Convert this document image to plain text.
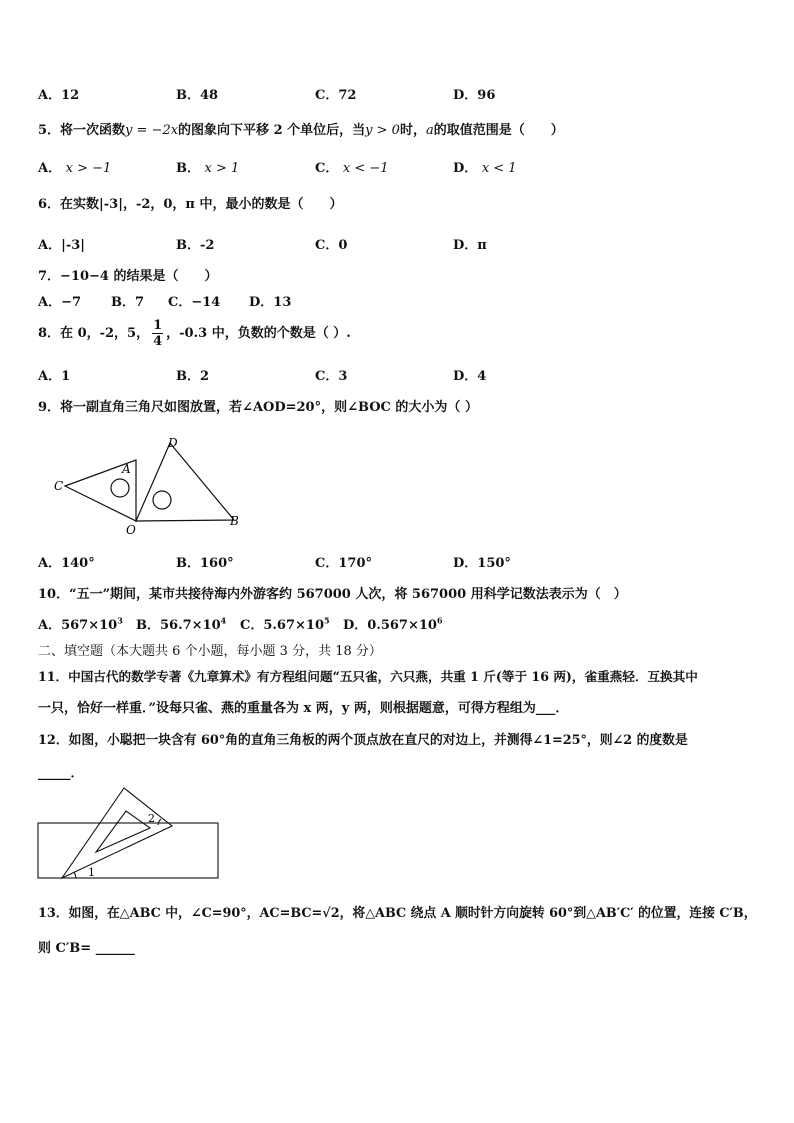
A．12	B．48	C．72	D．96
5．将一次函数y = −2x的图象向下平移 2 个单位后，当y > 0时，a的取值范围是（　　）
A． x > −1	B． x > 1	C． x < −1	D． x < 1
6．在实数|-3|，-2，0，π 中，最小的数是（　　）
A．|-3|	B．-2	C．0	D．π
7．−10−4 的结果是（　　）
A．−7 B．7 C．−14 D．13
8．在 0，-2，5， $\frac{1}{4}$ ，-0.3 中，负数的个数是（ ）.
A．1	B．2	C．3	D．4
9．将一副直角三角尺如图放置，若∠AOD=20°，则∠BOC 的大小为（ ）
D
A
C
O
B
A．140°	B．160°	C．170°	D．150°
10．“五一”期间，某市共接待海内外游客约 567000 人次，将 567000 用科学记数法表示为（　）
A．$567\times 10^3$ B．$56.7\times 10^4$ C．$5.67\times 10^5$ D．$0.567\times 10^6$
二、填空题（本大题共 6 个小题，每小题 3 分，共 18 分）
11．中国古代的数学专著《九章算术》有方程组问题“五只雀，六只燕，共重 1 斤(等于 16 两)，雀重燕轻．互换其中
一只，恰好一样重．”设每只雀、燕的重量各为 x 两，y 两，则根据题意，可得方程组为___．
12．如图，小聪把一块含有 60°角的直角三角板的两个顶点放在直尺的对边上，并测得∠1=25°，则∠2 的度数是
_____．
1
2
13．如图，在△ABC 中，∠C=90°，AC=BC=√2，将△ABC 绕点 A 顺时针方向旋转 60°到△AB′C′ 的位置，连接 C′B，
则 C′B= ______
